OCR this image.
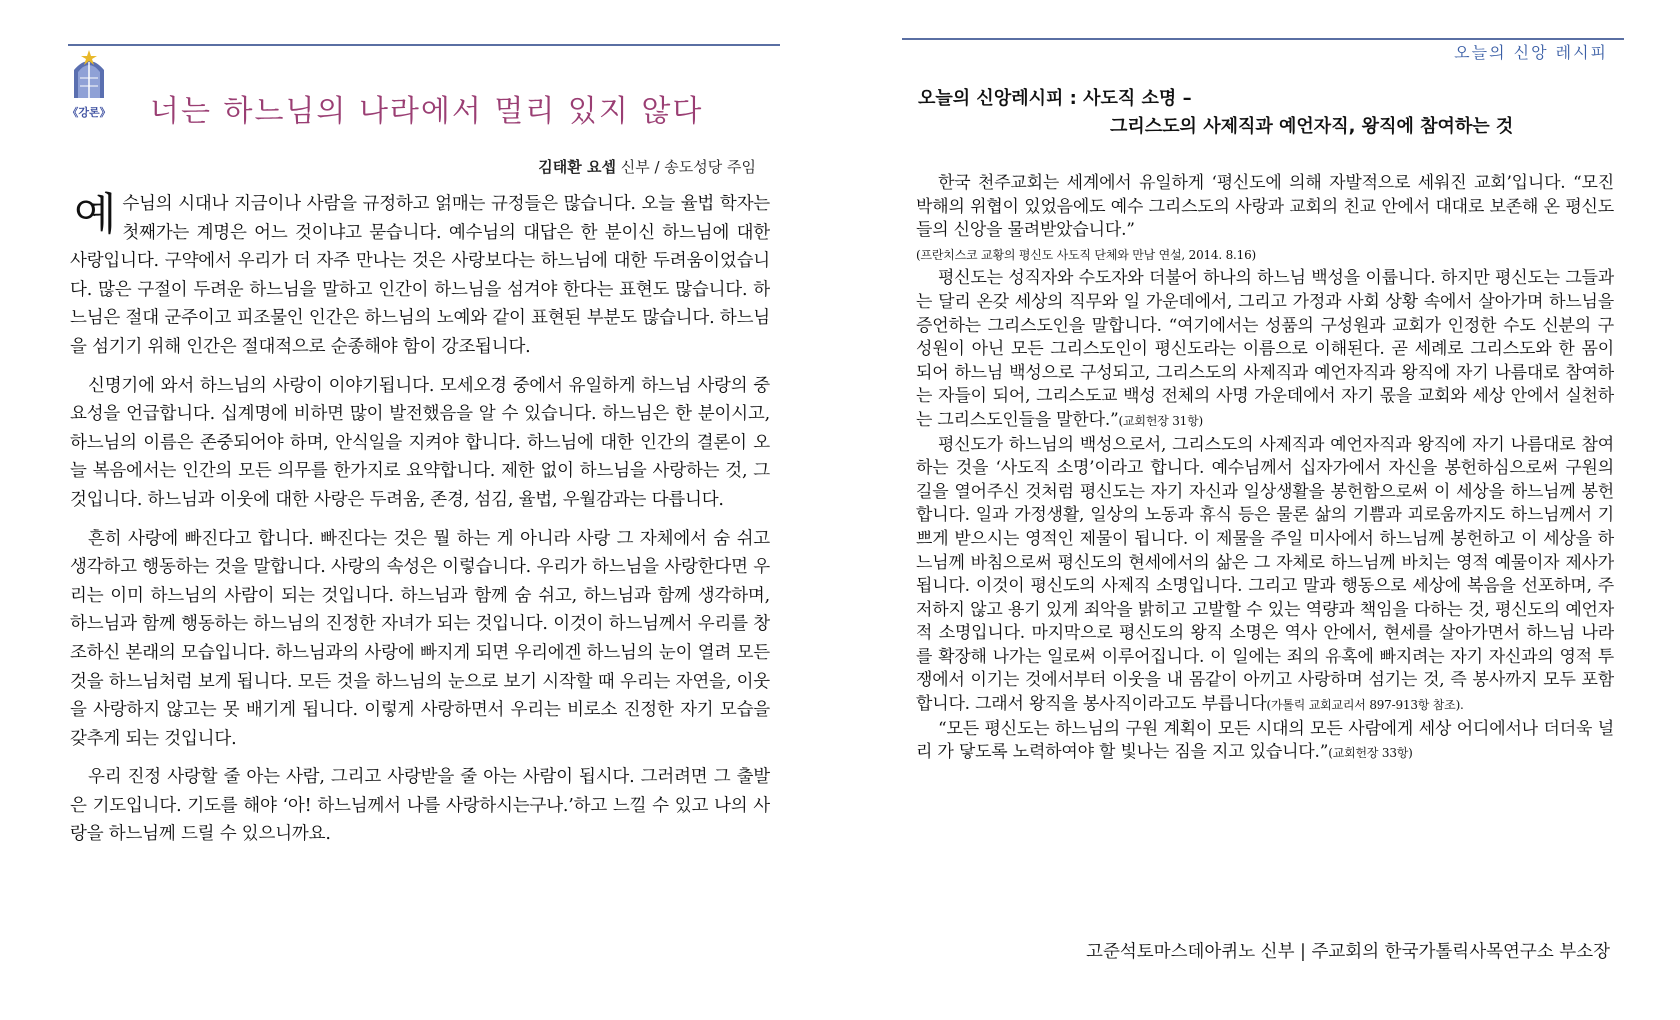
《강론》 너는 하느님의 나라에서 멀리 있지 않다
김태환 요셉 신부 / 송도성당 주임

예수님의 시대나 지금이나 사람을 규정하고 얽매는 규정들은 많습니다. 오늘 율법 학자는 첫째가는 계명은 어느 것이냐고 묻습니다. 예수님의 대답은 한 분이신 하느님에 대한 사랑입니다. 구약에서 우리가 더 자주 만나는 것은 사랑보다는 하느님에 대한 두려움이었습니다. 많은 구절이 두려운 하느님을 말하고 인간이 하느님을 섬겨야 한다는 표현도 많습니다. 하느님은 절대 군주이고 피조물인 인간은 하느님의 노예와 같이 표현된 부분도 많습니다. 하느님을 섬기기 위해 인간은 절대적으로 순종해야 함이 강조됩니다.

신명기에 와서 하느님의 사랑이 이야기됩니다. 모세오경 중에서 유일하게 하느님 사랑의 중요성을 언급합니다. 십계명에 비하면 많이 발전했음을 알 수 있습니다. 하느님은 한 분이시고, 하느님의 이름은 존중되어야 하며, 안식일을 지켜야 합니다. 하느님에 대한 인간의 결론이 오늘 복음에서는 인간의 모든 의무를 한가지로 요약합니다. 제한 없이 하느님을 사랑하는 것, 그것입니다. 하느님과 이웃에 대한 사랑은 두려움, 존경, 섬김, 율법, 우월감과는 다릅니다.

흔히 사랑에 빠진다고 합니다. 빠진다는 것은 뭘 하는 게 아니라 사랑 그 자체에서 숨 쉬고 생각하고 행동하는 것을 말합니다. 사랑의 속성은 이렇습니다. 우리가 하느님을 사랑한다면 우리는 이미 하느님의 사람이 되는 것입니다. 하느님과 함께 숨 쉬고, 하느님과 함께 생각하며, 하느님과 함께 행동하는 하느님의 진정한 자녀가 되는 것입니다. 이것이 하느님께서 우리를 창조하신 본래의 모습입니다. 하느님과의 사랑에 빠지게 되면 우리에겐 하느님의 눈이 열려 모든 것을 하느님처럼 보게 됩니다. 모든 것을 하느님의 눈으로 보기 시작할 때 우리는 자연을, 이웃을 사랑하지 않고는 못 배기게 됩니다. 이렇게 사랑하면서 우리는 비로소 진정한 자기 모습을 갖추게 되는 것입니다.

우리 진정 사랑할 줄 아는 사람, 그리고 사랑받을 줄 아는 사람이 됩시다. 그러려면 그 출발은 기도입니다. 기도를 해야 ‘아! 하느님께서 나를 사랑하시는구나.’하고 느낄 수 있고 나의 사랑을 하느님께 드릴 수 있으니까요.

오늘의 신앙 레시피
오늘의 신앙레시피 : 사도직 소명 –
그리스도의 사제직과 예언자직, 왕직에 참여하는 것

한국 천주교회는 세계에서 유일하게 ‘평신도에 의해 자발적으로 세워진 교회’입니다. “모진 박해의 위협이 있었음에도 예수 그리스도의 사랑과 교회의 친교 안에서 대대로 보존해 온 평신도들의 신앙을 물려받았습니다.”
(프란치스코 교황의 평신도 사도직 단체와 만남 연설, 2014. 8.16)

평신도는 성직자와 수도자와 더불어 하나의 하느님 백성을 이룹니다. 하지만 평신도는 그들과는 달리 온갖 세상의 직무와 일 가운데에서, 그리고 가정과 사회 상황 속에서 살아가며 하느님을 증언하는 그리스도인을 말합니다. “여기에서는 성품의 구성원과 교회가 인정한 수도 신분의 구성원이 아닌 모든 그리스도인이 평신도라는 이름으로 이해된다. 곧 세례로 그리스도와 한 몸이 되어 하느님 백성으로 구성되고, 그리스도의 사제직과 예언자직과 왕직에 자기 나름대로 참여하는 자들이 되어, 그리스도교 백성 전체의 사명 가운데에서 자기 몫을 교회와 세상 안에서 실천하는 그리스도인들을 말한다.”(교회헌장 31항)

평신도가 하느님의 백성으로서, 그리스도의 사제직과 예언자직과 왕직에 자기 나름대로 참여하는 것을 ‘사도직 소명’이라고 합니다. 예수님께서 십자가에서 자신을 봉헌하심으로써 구원의 길을 열어주신 것처럼 평신도는 자기 자신과 일상생활을 봉헌함으로써 이 세상을 하느님께 봉헌합니다. 일과 가정생활, 일상의 노동과 휴식 등은 물론 삶의 기쁨과 괴로움까지도 하느님께서 기쁘게 받으시는 영적인 제물이 됩니다. 이 제물을 주일 미사에서 하느님께 봉헌하고 이 세상을 하느님께 바침으로써 평신도의 현세에서의 삶은 그 자체로 하느님께 바치는 영적 예물이자 제사가 됩니다. 이것이 평신도의 사제직 소명입니다. 그리고 말과 행동으로 세상에 복음을 선포하며, 주저하지 않고 용기 있게 죄악을 밝히고 고발할 수 있는 역량과 책임을 다하는 것, 평신도의 예언자적 소명입니다. 마지막으로 평신도의 왕직 소명은 역사 안에서, 현세를 살아가면서 하느님 나라를 확장해 나가는 일로써 이루어집니다. 이 일에는 죄의 유혹에 빠지려는 자기 자신과의 영적 투쟁에서 이기는 것에서부터 이웃을 내 몸같이 아끼고 사랑하며 섬기는 것, 즉 봉사까지 모두 포함합니다. 그래서 왕직을 봉사직이라고도 부릅니다(가톨릭 교회교리서 897-913항 참조).

“모든 평신도는 하느님의 구원 계획이 모든 시대의 모든 사람에게 세상 어디에서나 더더욱 널리 가 닿도록 노력하여야 할 빛나는 짐을 지고 있습니다.”(교회헌장 33항)

고준석토마스데아퀴노 신부 | 주교회의 한국가톨릭사목연구소 부소장
